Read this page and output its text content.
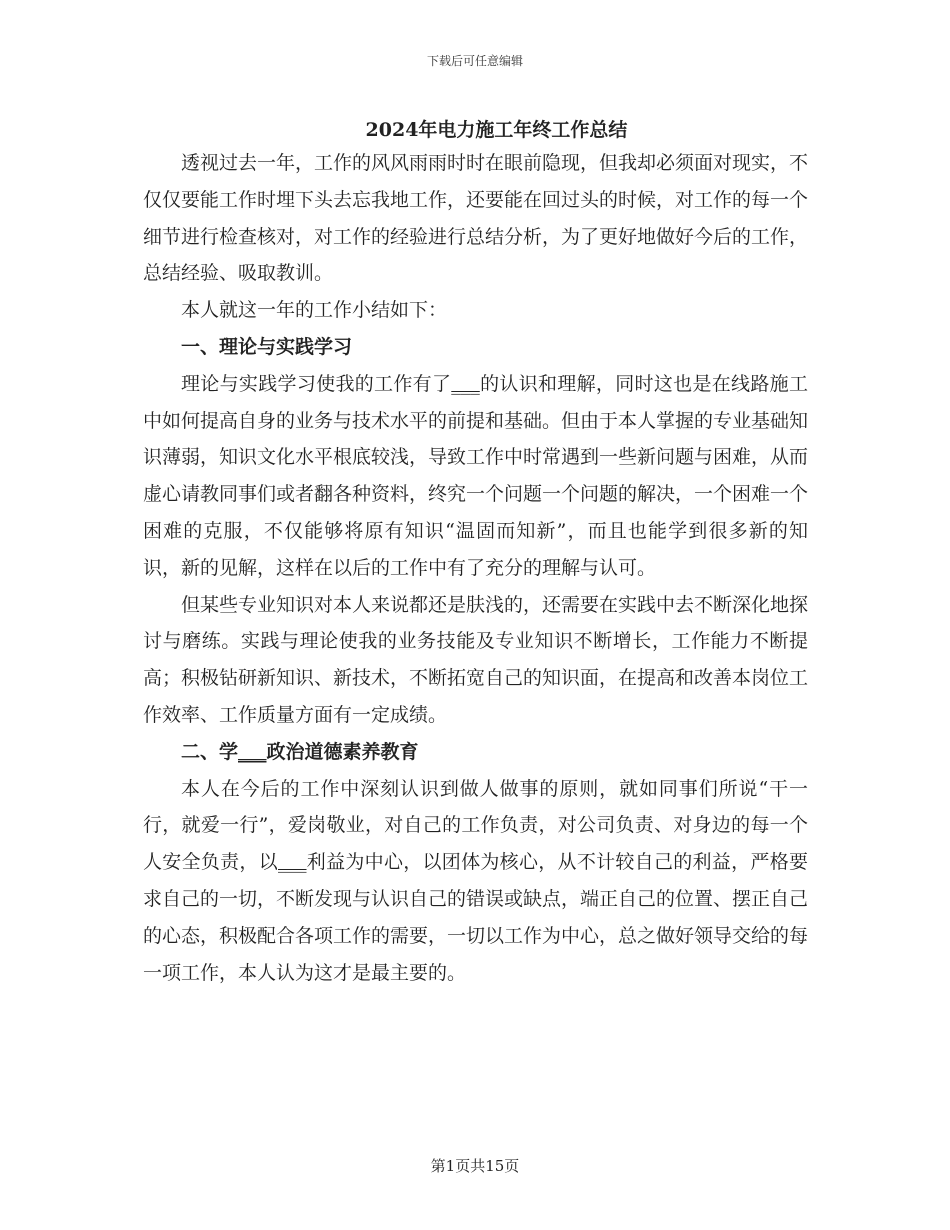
下载后可任意编辑
2024年电力施工年终工作总结

透视过去一年，工作的风风雨雨时时在眼前隐现，但我却必须面对现实，不仅仅要能工作时埋下头去忘我地工作，还要能在回过头的时候，对工作的每一个细节进行检查核对，对工作的经验进行总结分析，为了更好地做好今后的工作，总结经验、吸取教训。

本人就这一年的工作小结如下：

一、理论与实践学习

理论与实践学习使我的工作有了___的认识和理解，同时这也是在线路施工中如何提高自身的业务与技术水平的前提和基础。但由于本人掌握的专业基础知识薄弱，知识文化水平根底较浅，导致工作中时常遇到一些新问题与困难，从而虚心请教同事们或者翻各种资料，终究一个问题一个问题的解决，一个困难一个困难的克服，不仅能够将原有知识“温固而知新”，而且也能学到很多新的知识，新的见解，这样在以后的工作中有了充分的理解与认可。

但某些专业知识对本人来说都还是肤浅的，还需要在实践中去不断深化地探讨与磨练。实践与理论使我的业务技能及专业知识不断增长，工作能力不断提高；积极钻研新知识、新技术，不断拓宽自己的知识面，在提高和改善本岗位工作效率、工作质量方面有一定成绩。

二、学___政治道德素养教育

本人在今后的工作中深刻认识到做人做事的原则，就如同事们所说“干一行，就爱一行”，爱岗敬业，对自己的工作负责，对公司负责、对身边的每一个人安全负责，以___利益为中心，以团体为核心，从不计较自己的利益，严格要求自己的一切，不断发现与认识自己的错误或缺点，端正自己的位置、摆正自己的心态，积极配合各项工作的需要，一切以工作为中心，总之做好领导交给的每一项工作，本人认为这才是最主要的。

第1页共15页
